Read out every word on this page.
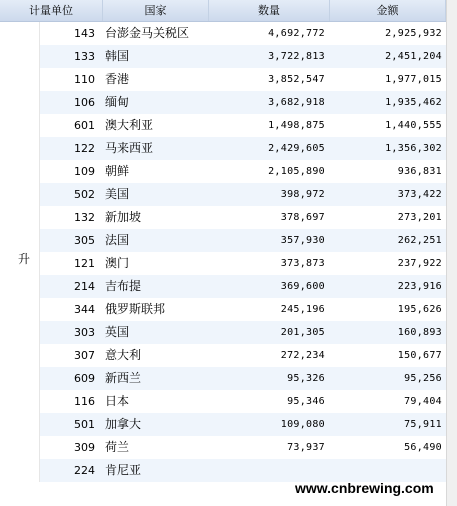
计量单位	国家	数量	金额
升
143 台澎金马关税区	4,692,772	2,925,932
133 韩国	3,722,813	2,451,204
110 香港	3,852,547	1,977,015
106 缅甸	3,682,918	1,935,462
601 澳大利亚	1,498,875	1,440,555
122 马来西亚	2,429,605	1,356,302
109 朝鲜	2,105,890	936,831
502 美国	398,972	373,422
132 新加坡	378,697	273,201
305 法国	357,930	262,251
121 澳门	373,873	237,922
214 吉布提	369,600	223,916
344 俄罗斯联邦	245,196	195,626
303 英国	201,305	160,893
307 意大利	272,234	150,677
609 新西兰	95,326	95,256
116 日本	95,346	79,404
501 加拿大	109,080	75,911
309 荷兰	73,937	56,490
224 肯尼亚
www.cnbrewing.com
